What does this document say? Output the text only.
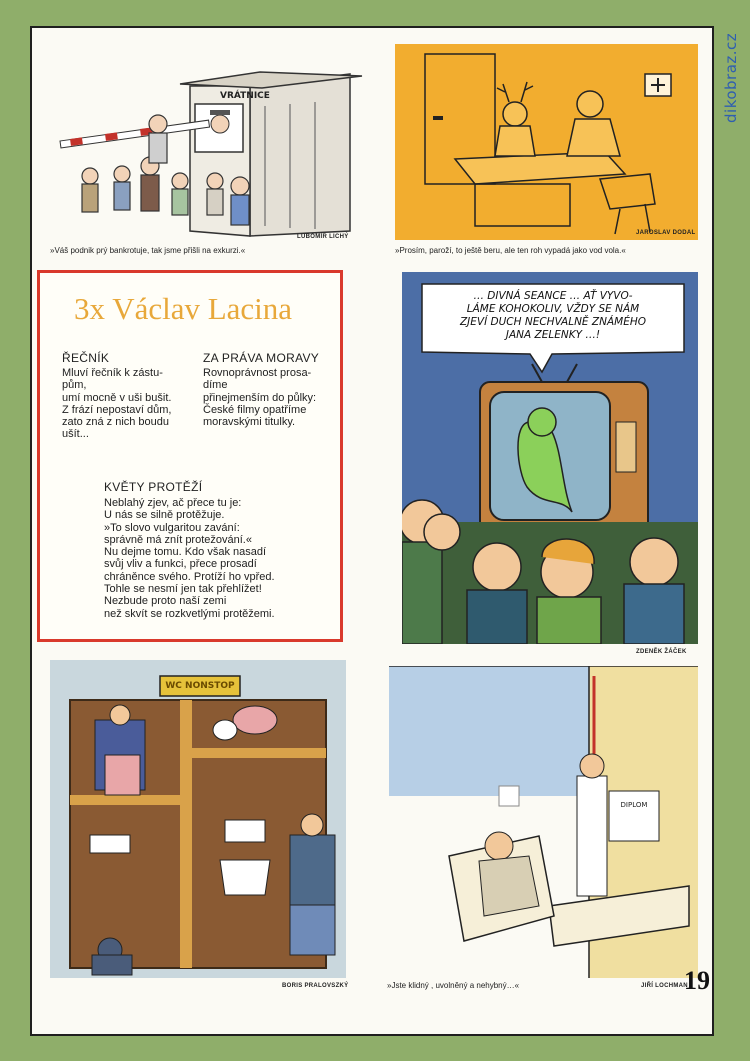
VRÁTNICE
LUBOMÍR LICHÝ
»Váš podnik prý bankrotuje, tak jsme přišli na exkurzi.«
JAROSLAV DODAL
»Prosím, paroží, to ještě beru, ale ten roh vypadá jako vod vola.«
3x Václav Lacina
ŘEČNÍK
Mluví řečník k zástu-
pům,
umí mocně v uši bušit.
Z frází nepostaví dům,
zato zná z nich boudu
ušít...
ZA PRÁVA MORAVY
Rovnoprávnost prosa-
díme
přinejmenším do půlky:
České filmy opatříme
moravskými titulky.
KVĚTY PROTĚŽÍ
Neblahý zjev, ač přece tu je:
U nás se silně protěžuje.
»To slovo vulgaritou zavání:
správně má znít protežování.«
Nu dejme tomu. Kdo však nasadí
svůj vliv a funkci, přece prosadí
chráněnce svého. Protíží ho vpřed.
Tohle se nesmí jen tak přehlížet!
Nezbude proto naší zemi
než skvít se rozkvetlými protěžemi.
… DIVNÁ SEANCE … AŤ VYVO-
LÁME KOHOKOLIV, VŽDY SE NÁM
ZJEVÍ DUCH NECHVALNĚ ZNÁMÉHO
JANA ZELENKY …!
ZDENĚK ŽÁČEK
WC NONSTOP
BORIS PRALOVSZKÝ
DIPLOM
»Jste klidný , uvolněný a nehybný…«	JIŘÍ LOCHMAN
dikobraz.cz
19
